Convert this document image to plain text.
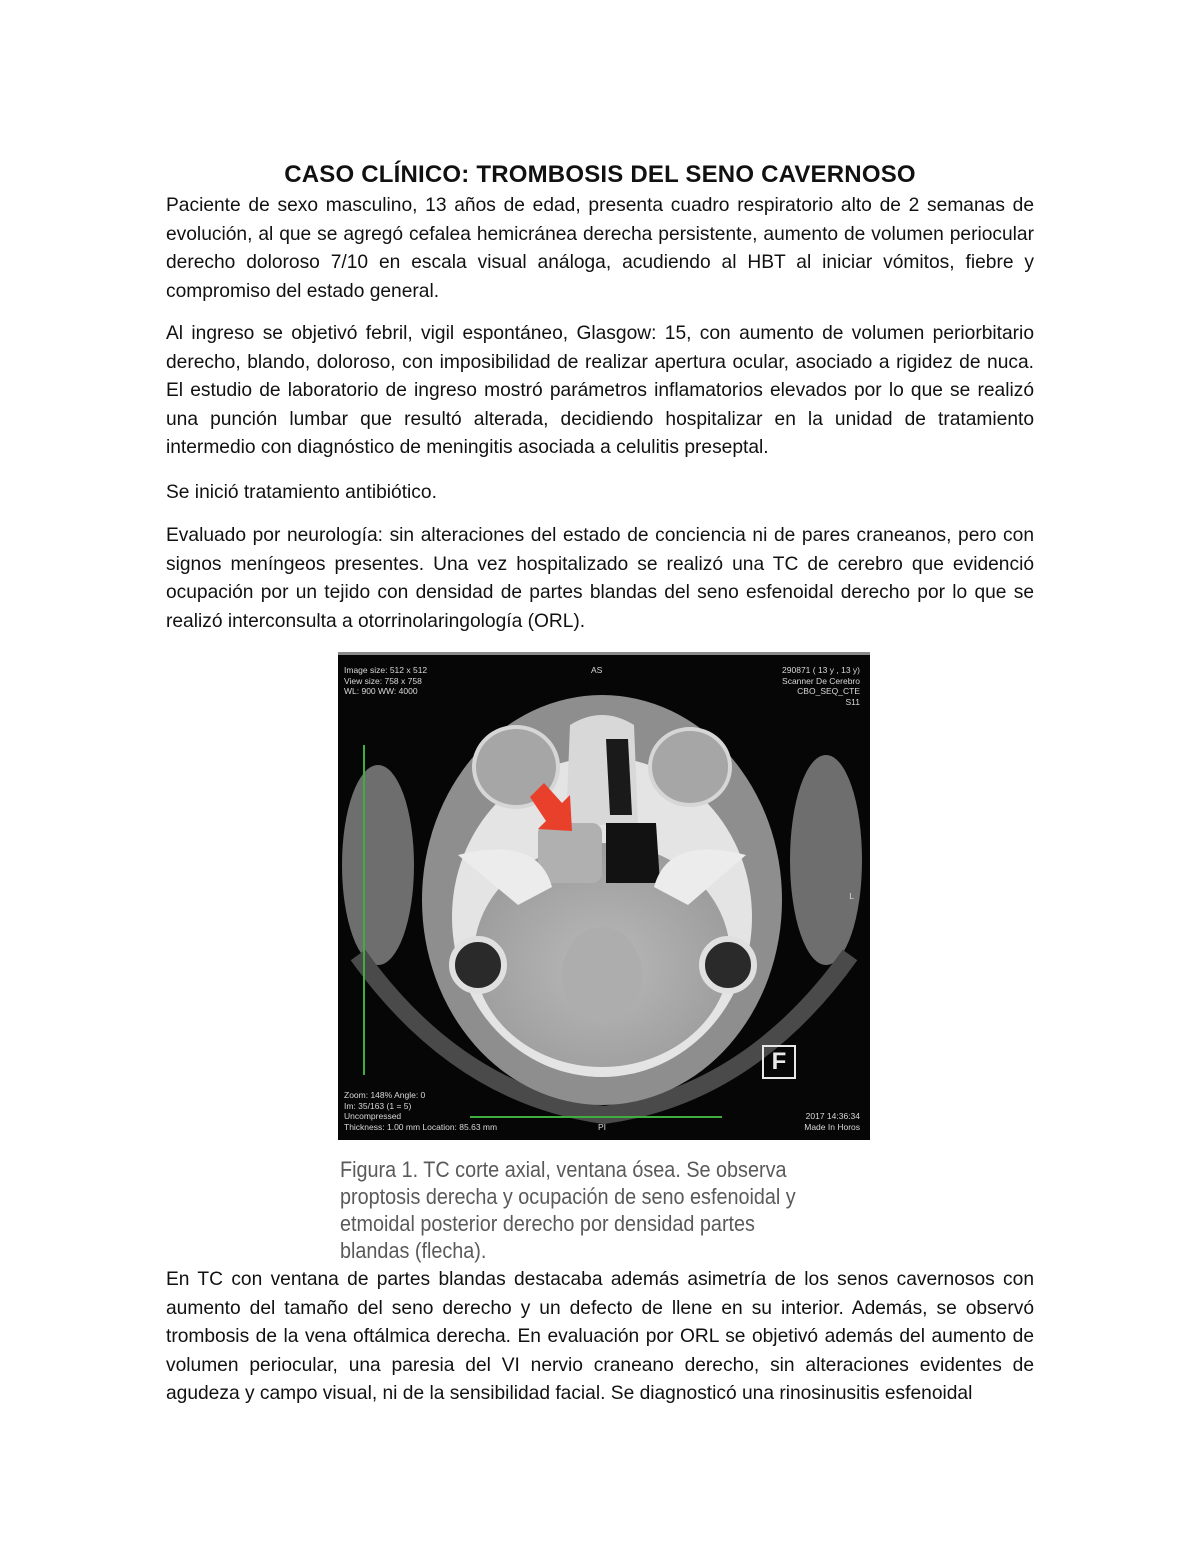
CASO CLÍNICO: TROMBOSIS DEL SENO CAVERNOSO

Paciente de sexo masculino, 13 años de edad, presenta cuadro respiratorio alto de 2 semanas de evolución, al que se agregó cefalea hemicránea derecha persistente, aumento de volumen periocular derecho doloroso 7/10 en escala visual análoga, acudiendo al HBT al iniciar vómitos, fiebre y compromiso del estado general.

Al ingreso se objetivó febril, vigil espontáneo, Glasgow: 15, con aumento de volumen periorbitario derecho, blando, doloroso, con imposibilidad de realizar apertura ocular, asociado a rigidez de nuca. El estudio de laboratorio de ingreso mostró parámetros inflamatorios elevados por lo que se realizó una punción lumbar que resultó alterada, decidiendo hospitalizar en la unidad de tratamiento intermedio con diagnóstico de meningitis asociada a celulitis preseptal.

Se inició tratamiento antibiótico.

Evaluado por neurología: sin alteraciones del estado de conciencia ni de pares craneanos, pero con signos meníngeos presentes. Una vez hospitalizado se realizó una TC de cerebro que evidenció ocupación por un tejido con densidad de partes blandas del seno esfenoidal derecho por lo que se realizó interconsulta a otorrinolaringología (ORL).

Image size: 512 x 512
View size: 758 x 758
WL: 900 WW: 4000
AS	290871 ( 13 y , 13 y)
Scanner De Cerebro
CBO_SEQ_CTE
S11
L
Zoom: 148% Angle: 0
Im: 35/163 (1 = 5)
Uncompressed
Thickness: 1.00 mm Location: 85.63 mm	PI
2017 14:36:34
Made In Horos
F
Figura 1. TC corte axial, ventana ósea. Se observa proptosis derecha y ocupación de seno esfenoidal y etmoidal posterior derecho por densidad partes blandas (flecha).

En TC con ventana de partes blandas destacaba además asimetría de los senos cavernosos con aumento del tamaño del seno derecho y un defecto de llene en su interior. Además, se observó trombosis de la vena oftálmica derecha. En evaluación por ORL se objetivó además del aumento de volumen periocular, una paresia del VI nervio craneano derecho, sin alteraciones evidentes de agudeza y campo visual, ni de la sensibilidad facial. Se diagnosticó una rinosinusitis esfenoidal
